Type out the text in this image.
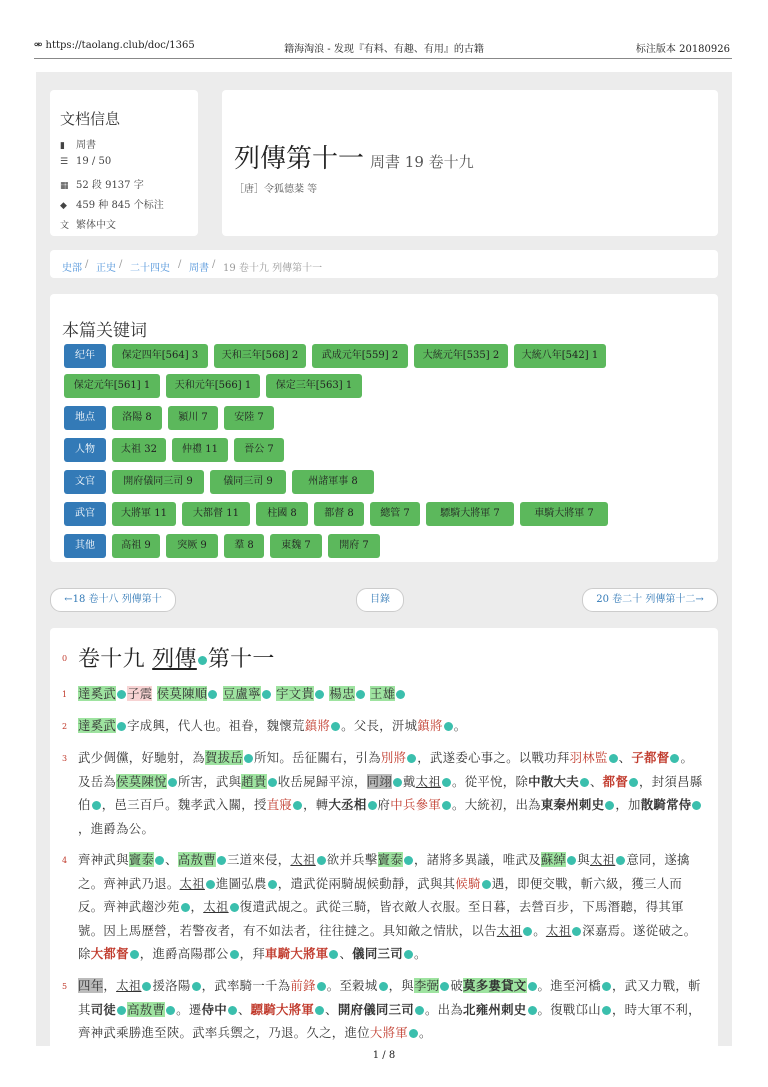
⚮ https://taolang.club/doc/1365	籍海淘浪 - 发现『有料、有趣、有用』的古籍	标注版本 20180926
文档信息
▮ 周書
☰ 19 / 50
▦ 52 段 9137 字
◆ 459 种 845 个标注
文 繁体中文
列傳第十一 周書 19 卷十九
［唐］令狐德棻 等
史部 / 正史 / 二十四史 / 周書 / 19 卷十九 列傳第十一
本篇关键词
纪年	保定四年[564] 3	天和三年[568] 2	武成元年[559] 2	大統元年[535] 2	大統八年[542] 1
保定元年[561] 1	天和元年[566] 1	保定三年[563] 1
地点	洛陽 8	潁川 7	安陸 7
人物	太祖 32	仲禮 11	晉公 7
文官	開府儀同三司 9	儀同三司 9	州諸軍事 8
武官	大將軍 11	大都督 11	柱國 8	都督 8	總管 7	驃騎大將軍 7	車騎大將軍 7
其他	高祖 9	突厥 9	羣 8	東魏 7	開府 7
←18 卷十八 列傳第十	目錄	20 卷二十 列傳第十二→
0 卷十九 列傳 第十一
1 達奚武 子震 侯莫陳順 豆盧寧 宇文貴 楊忠 王雄
2 達奚武 字成興，代人也。祖眷，魏懷荒鎮將 。父長，汧城鎮將 。
3 武少倜儻，好馳射，為賀拔岳 所知。岳征關右，引為別將 ，武遂委心事之。以戰功拜羽林監 、子都督 。及岳為侯莫陳悅 所害，武與趙貴 收岳屍歸平涼，同翊 戴太祖 。從平悅，除中散大夫 、都督 ，封須昌縣伯 ，邑三百戶。魏孝武入關，授直寢 ，轉大丞相 府中兵參軍 。大統初，出為東秦州刺史 ，加散騎常侍，進爵為公。
4 齊神武與竇泰 、高敖曹 三道來侵，太祖 欲并兵擊竇泰 ，諸將多異議，唯武及蘇綽 與太祖 意同，遂擒之。齊神武乃退。太祖 進圖弘農 ，遣武從兩騎覘候動靜，武與其候騎 遇，即便交戰，斬六級，獲三人而反。齊神武趨沙苑 ，太祖 復遣武覘之。武從三騎，皆衣敵人衣服。至日暮，去營百步，下馬潛聽，得其軍號。因上馬歷營，若警夜者，有不如法者，往往撻之。具知敵之情狀，以告太祖 。太祖 深嘉焉。遂從破之。除大都督 ，進爵高陽郡公 ，拜車騎大將軍 、儀同三司 。
5 四年，太祖 援洛陽 ，武率騎一千為前鋒 。至穀城 ，與李弼 破莫多婁貸文 。進至河橋 ，武又力戰，斬其司徒 高敖曹 。遷侍中 、驃騎大將軍 、開府儀同三司 。出為北雍州刺史 。復戰邙山 ，時大軍不利，齊神武乘勝進至陝。武率兵禦之，乃退。久之，進位大將軍 。
1 / 8
